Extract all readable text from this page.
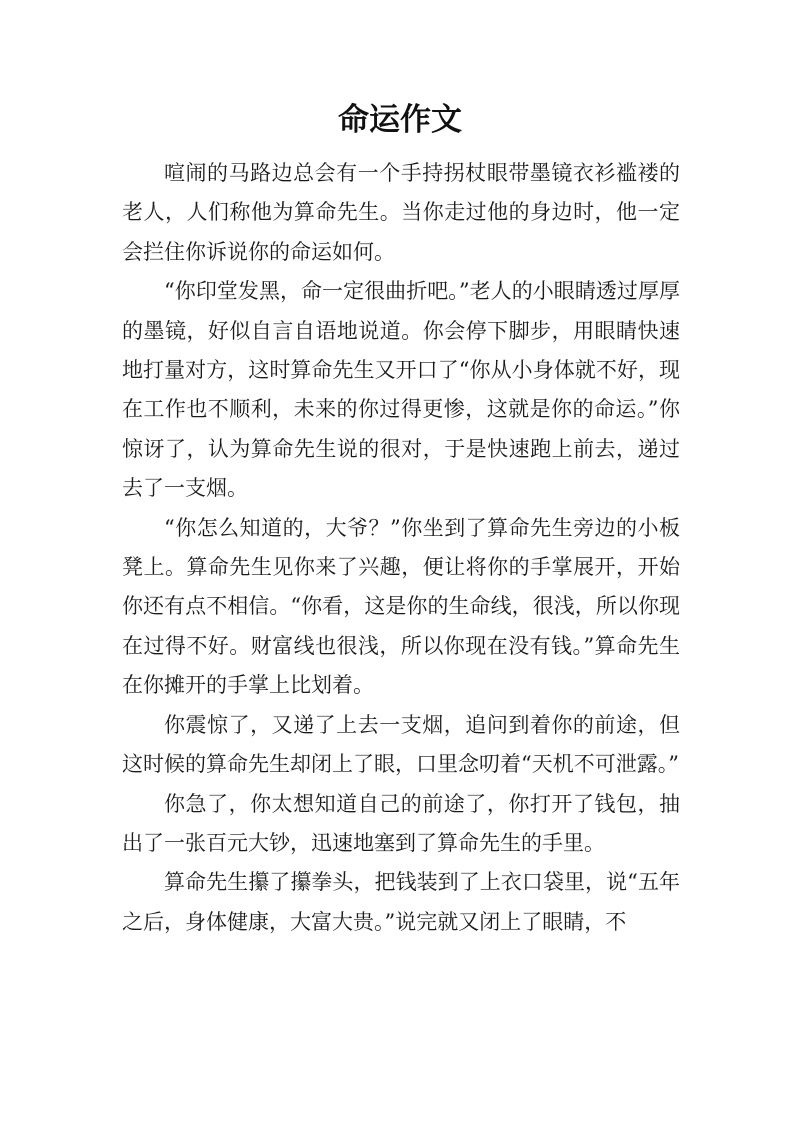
命运作文

喧闹的马路边总会有一个手持拐杖眼带墨镜衣衫褴褛的老人，人们称他为算命先生。当你走过他的身边时，他一定会拦住你诉说你的命运如何。

“你印堂发黑，命一定很曲折吧。”老人的小眼睛透过厚厚的墨镜，好似自言自语地说道。你会停下脚步，用眼睛快速地打量对方，这时算命先生又开口了“你从小身体就不好，现在工作也不顺利，未来的你过得更惨，这就是你的命运。”你惊讶了，认为算命先生说的很对，于是快速跑上前去，递过去了一支烟。

“你怎么知道的，大爷？”你坐到了算命先生旁边的小板凳上。算命先生见你来了兴趣，便让将你的手掌展开，开始你还有点不相信。“你看，这是你的生命线，很浅，所以你现在过得不好。财富线也很浅，所以你现在没有钱。”算命先生在你摊开的手掌上比划着。

你震惊了，又递了上去一支烟，追问到着你的前途，但这时候的算命先生却闭上了眼，口里念叨着“天机不可泄露。”

你急了，你太想知道自己的前途了，你打开了钱包，抽出了一张百元大钞，迅速地塞到了算命先生的手里。

算命先生攥了攥拳头，把钱装到了上衣口袋里，说“五年之后，身体健康，大富大贵。”说完就又闭上了眼睛，不
